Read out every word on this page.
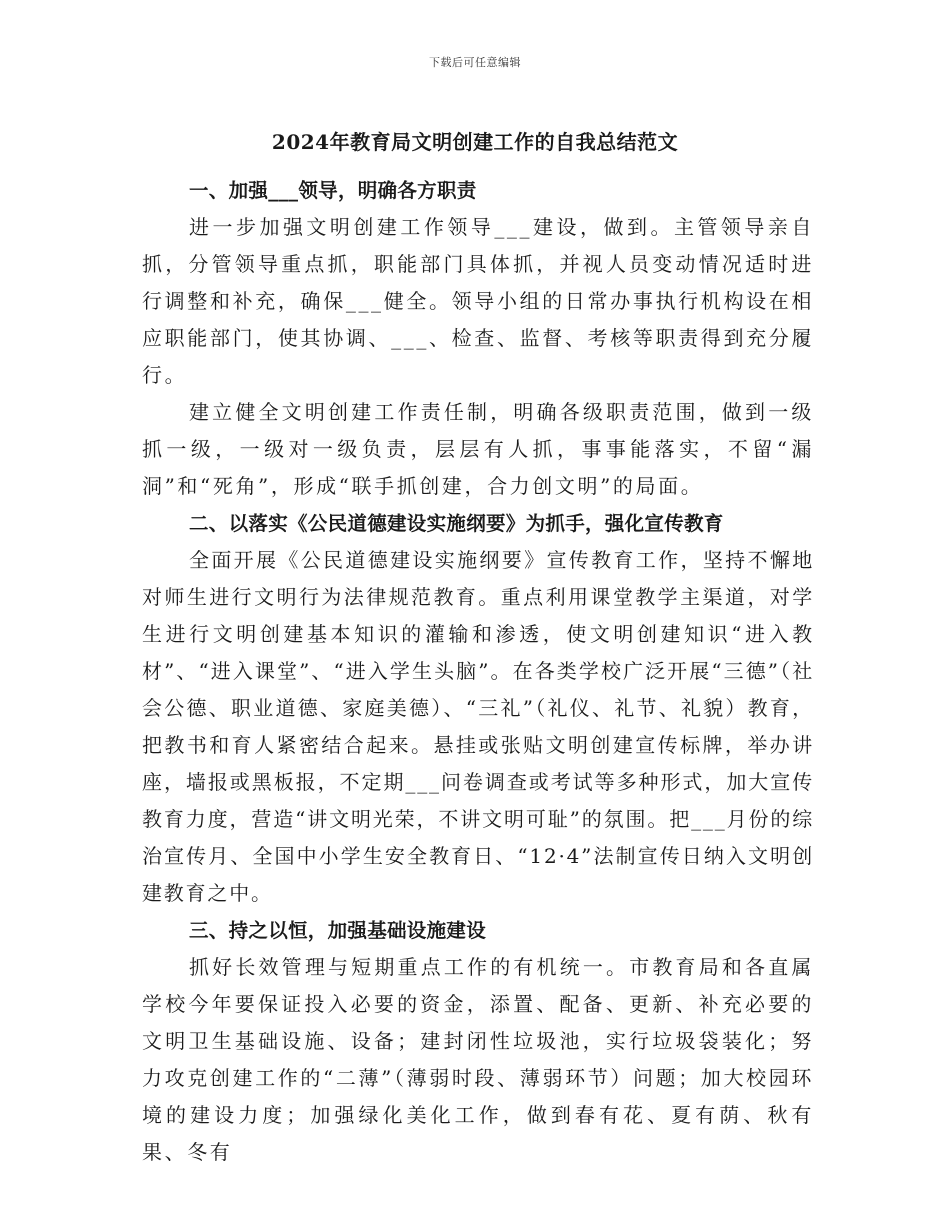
下载后可任意编辑
2024年教育局文明创建工作的自我总结范文
一、加强___领导，明确各方职责

进一步加强文明创建工作领导___建设，做到。主管领导亲自抓，分管领导重点抓，职能部门具体抓，并视人员变动情况适时进行调整和补充，确保___健全。领导小组的日常办事执行机构设在相应职能部门，使其协调、___、检查、监督、考核等职责得到充分履行。

建立健全文明创建工作责任制，明确各级职责范围，做到一级抓一级，一级对一级负责，层层有人抓，事事能落实，不留“漏洞”和“死角”，形成“联手抓创建，合力创文明”的局面。

二、以落实《公民道德建设实施纲要》为抓手，强化宣传教育

全面开展《公民道德建设实施纲要》宣传教育工作，坚持不懈地对师生进行文明行为法律规范教育。重点利用课堂教学主渠道，对学生进行文明创建基本知识的灌输和渗透，使文明创建知识“进入教材”、“进入课堂”、“进入学生头脑”。在各类学校广泛开展“三德”（社会公德、职业道德、家庭美德）、“三礼”（礼仪、礼节、礼貌）教育，把教书和育人紧密结合起来。悬挂或张贴文明创建宣传标牌，举办讲座，墙报或黑板报，不定期___问卷调查或考试等多种形式，加大宣传教育力度，营造“讲文明光荣，不讲文明可耻”的氛围。把___月份的综治宣传月、全国中小学生安全教育日、“12·4”法制宣传日纳入文明创建教育之中。

三、持之以恒，加强基础设施建设

抓好长效管理与短期重点工作的有机统一。市教育局和各直属学校今年要保证投入必要的资金，添置、配备、更新、补充必要的文明卫生基础设施、设备；建封闭性垃圾池，实行垃圾袋装化；努力攻克创建工作的“二薄”（薄弱时段、薄弱环节）问题；加大校园环境的建设力度；加强绿化美化工作，做到春有花、夏有荫、秋有果、冬有
